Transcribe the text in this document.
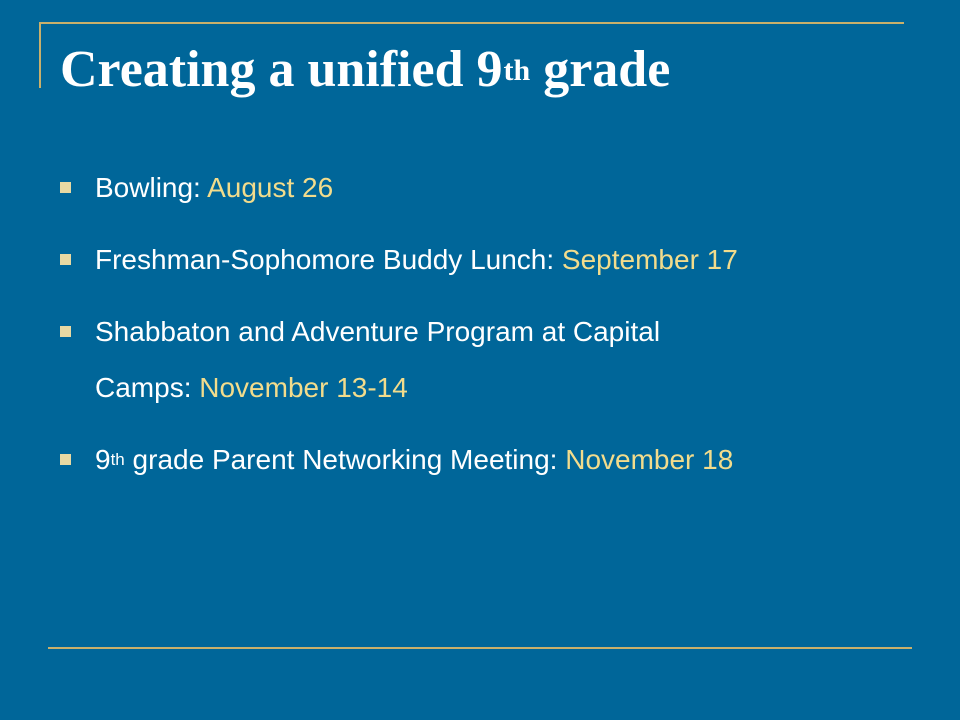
Creating a unified 9th grade
Bowling: August 26
Freshman-Sophomore Buddy Lunch: September 17
Shabbaton and Adventure Program at Capital
Camps: November 13-14
9th grade Parent Networking Meeting: November 18
